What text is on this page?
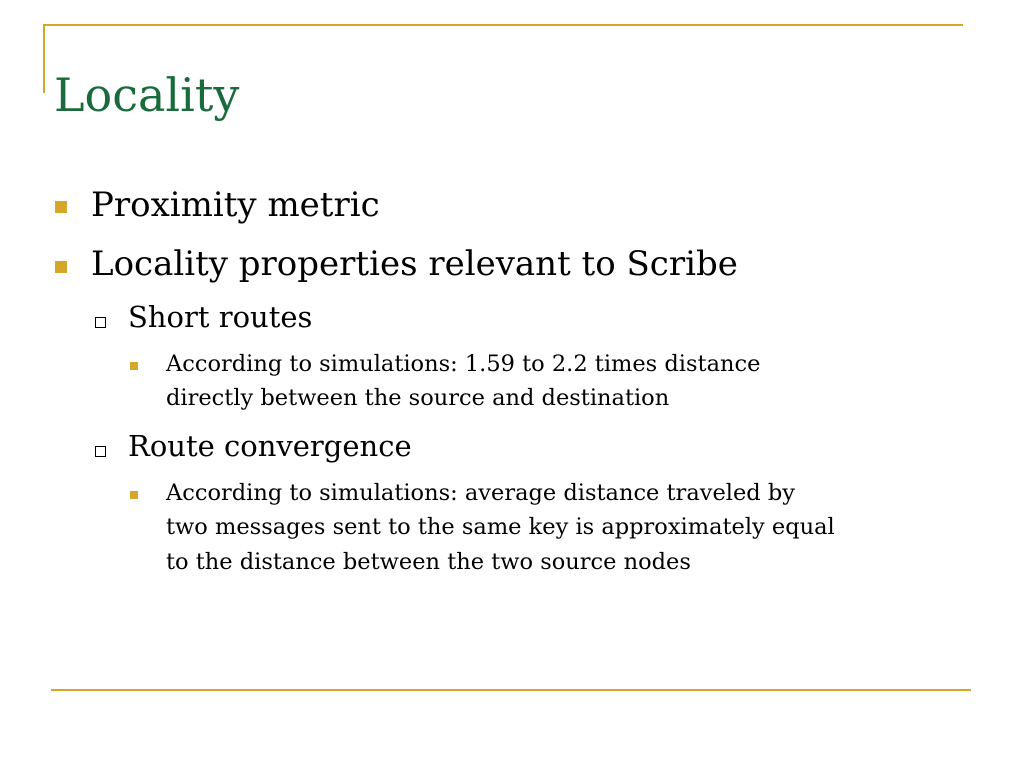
Locality
Proximity metric
Locality properties relevant to Scribe
Short routes
According to simulations: 1.59 to 2.2 times distance
directly between the source and destination
Route convergence
According to simulations: average distance traveled by
two messages sent to the same key is approximately equal
to the distance between the two source nodes
